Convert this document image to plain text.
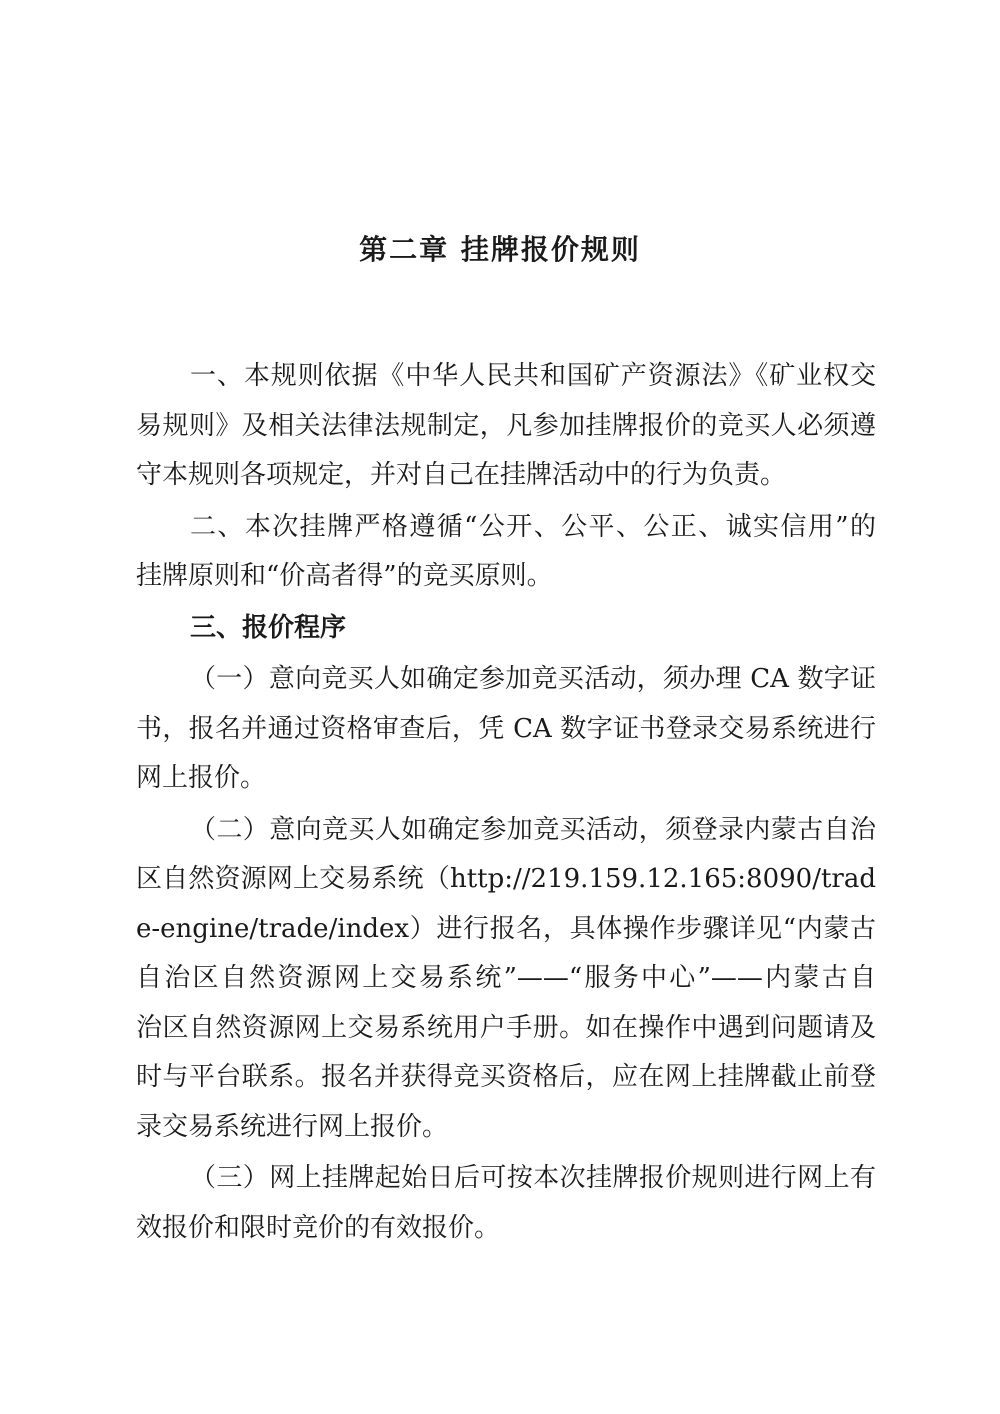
第二章 挂牌报价规则
一、本规则依据《中华人民共和国矿产资源法》《矿业权交
易规则》及相关法律法规制定，凡参加挂牌报价的竞买人必须遵
守本规则各项规定，并对自己在挂牌活动中的行为负责。
二、本次挂牌严格遵循“公开、公平、公正、诚实信用”的
挂牌原则和“价高者得”的竞买原则。
三、报价程序
（一）意向竞买人如确定参加竞买活动，须办理 CA 数字证
书，报名并通过资格审查后，凭 CA 数字证书登录交易系统进行
网上报价。
（二）意向竞买人如确定参加竞买活动，须登录内蒙古自治
区自然资源网上交易系统（http://219.159.12.165:8090/trad
e-engine/trade/index）进行报名，具体操作步骤详见“内蒙古
自治区自然资源网上交易系统”——“服务中心”——内蒙古自
治区自然资源网上交易系统用户手册。如在操作中遇到问题请及
时与平台联系。报名并获得竞买资格后，应在网上挂牌截止前登
录交易系统进行网上报价。
（三）网上挂牌起始日后可按本次挂牌报价规则进行网上有
效报价和限时竞价的有效报价。
